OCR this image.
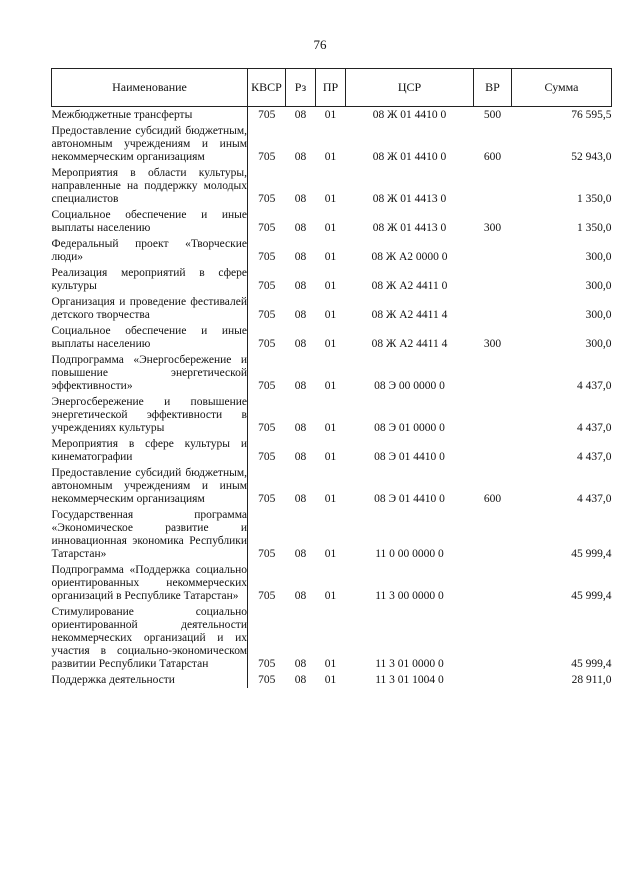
76
Наименование	КВСР	Рз	ПР	ЦСР	ВР	Сумма
Межбюджетные трансферты	705	08	01	08 Ж 01 4410 0	500	76 595,5
Предоставление субсидий бюджетным, автономным учреждениям и иным некоммерческим организациям	705	08	01	08 Ж 01 4410 0	600	52 943,0
Мероприятия в области культуры, направленные на поддержку молодых специалистов	705	08	01	08 Ж 01 4413 0		1 350,0
Социальное обеспечение и иные выплаты населению	705	08	01	08 Ж 01 4413 0	300	1 350,0
Федеральный проект «Творческие люди»	705	08	01	08 Ж A2 0000 0		300,0
Реализация мероприятий в сфере культуры	705	08	01	08 Ж A2 4411 0		300,0
Организация и проведение фестивалей детского творчества	705	08	01	08 Ж A2 4411 4		300,0
Социальное обеспечение и иные выплаты населению	705	08	01	08 Ж A2 4411 4	300	300,0
Подпрограмма «Энергосбережение и повышение энергетической эффективности»	705	08	01	08 Э 00 0000 0		4 437,0
Энергосбережение и повышение энергетической эффективности в учреждениях культуры	705	08	01	08 Э 01 0000 0		4 437,0
Мероприятия в сфере культуры и кинематографии	705	08	01	08 Э 01 4410 0		4 437,0
Предоставление субсидий бюджетным, автономным учреждениям и иным некоммерческим организациям	705	08	01	08 Э 01 4410 0	600	4 437,0
Государственная программа «Экономическое развитие и инновационная экономика Республики Татарстан»	705	08	01	11 0 00 0000 0		45 999,4
Подпрограмма «Поддержка социально ориентированных некоммерческих организаций в Республике Татарстан»	705	08	01	11 3 00 0000 0		45 999,4
Стимулирование социально ориентированной деятельности некоммерческих организаций и их участия в социально-экономическом развитии Республики Татарстан	705	08	01	11 3 01 0000 0		45 999,4
Поддержка деятельности	705	08	01	11 3 01 1004 0		28 911,0
